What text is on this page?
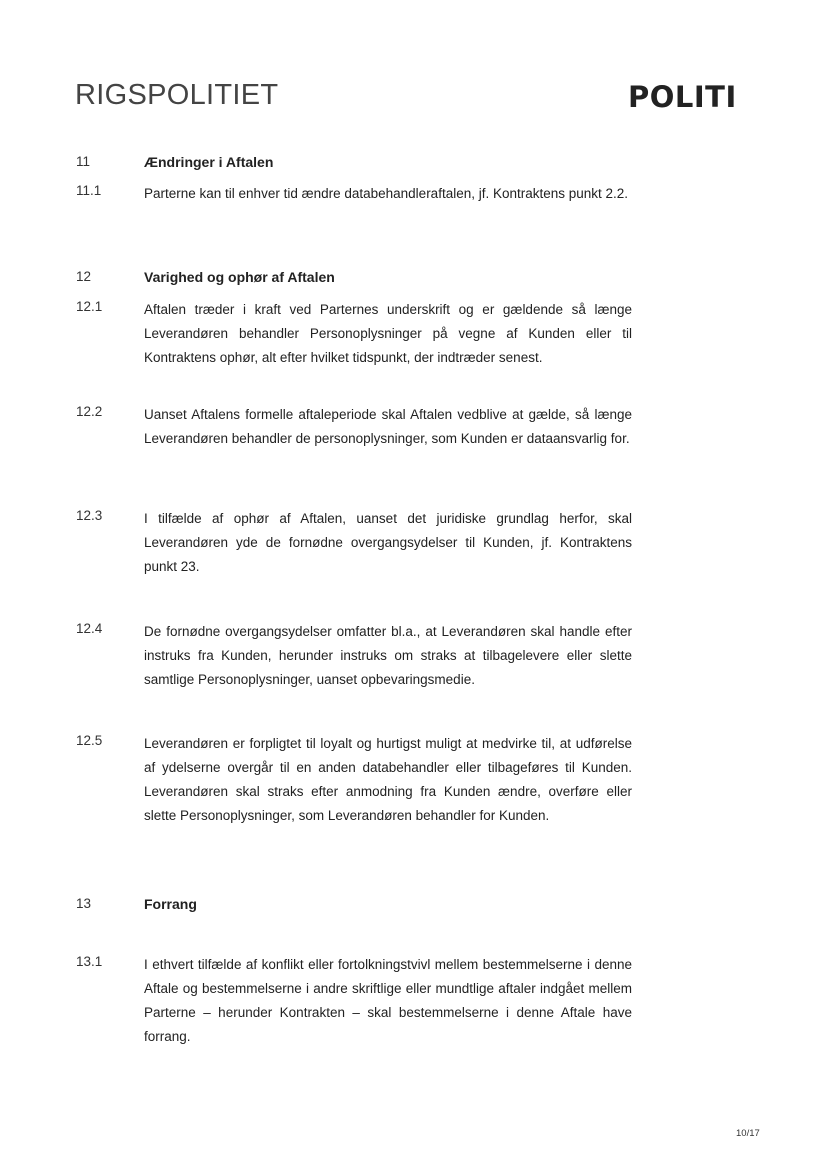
RIGSPOLITIET	POLITI
11	Ændringer i Aftalen
11.1	Parterne kan til enhver tid ændre databehandleraftalen, jf. Kontraktens punkt 2.2.
12	Varighed og ophør af Aftalen
12.1	Aftalen træder i kraft ved Parternes underskrift og er gældende så længe Leverandøren behandler Personoplysninger på vegne af Kunden eller til Kontraktens ophør, alt efter hvilket tidspunkt, der indtræder senest.
12.2	Uanset Aftalens formelle aftaleperiode skal Aftalen vedblive at gælde, så længe Leverandøren behandler de personoplysninger, som Kunden er dataansvarlig for.
12.3	I tilfælde af ophør af Aftalen, uanset det juridiske grundlag herfor, skal Leverandøren yde de fornødne overgangsydelser til Kunden, jf. Kontraktens punkt 23.
12.4	De fornødne overgangsydelser omfatter bl.a., at Leverandøren skal handle efter instruks fra Kunden, herunder instruks om straks at tilbagelevere eller slette samtlige Personoplysninger, uanset opbevaringsmedie.
12.5	Leverandøren er forpligtet til loyalt og hurtigst muligt at medvirke til, at udførelse af ydelserne overgår til en anden databehandler eller tilbageføres til Kunden. Leverandøren skal straks efter anmodning fra Kunden ændre, overføre eller slette Personoplysninger, som Leverandøren behandler for Kunden.
13	Forrang
13.1	I ethvert tilfælde af konflikt eller fortolkningstvivl mellem bestemmelserne i denne Aftale og bestemmelserne i andre skriftlige eller mundtlige aftaler indgået mellem Parterne – herunder Kontrakten – skal bestemmelserne i denne Aftale have forrang.
10/17
